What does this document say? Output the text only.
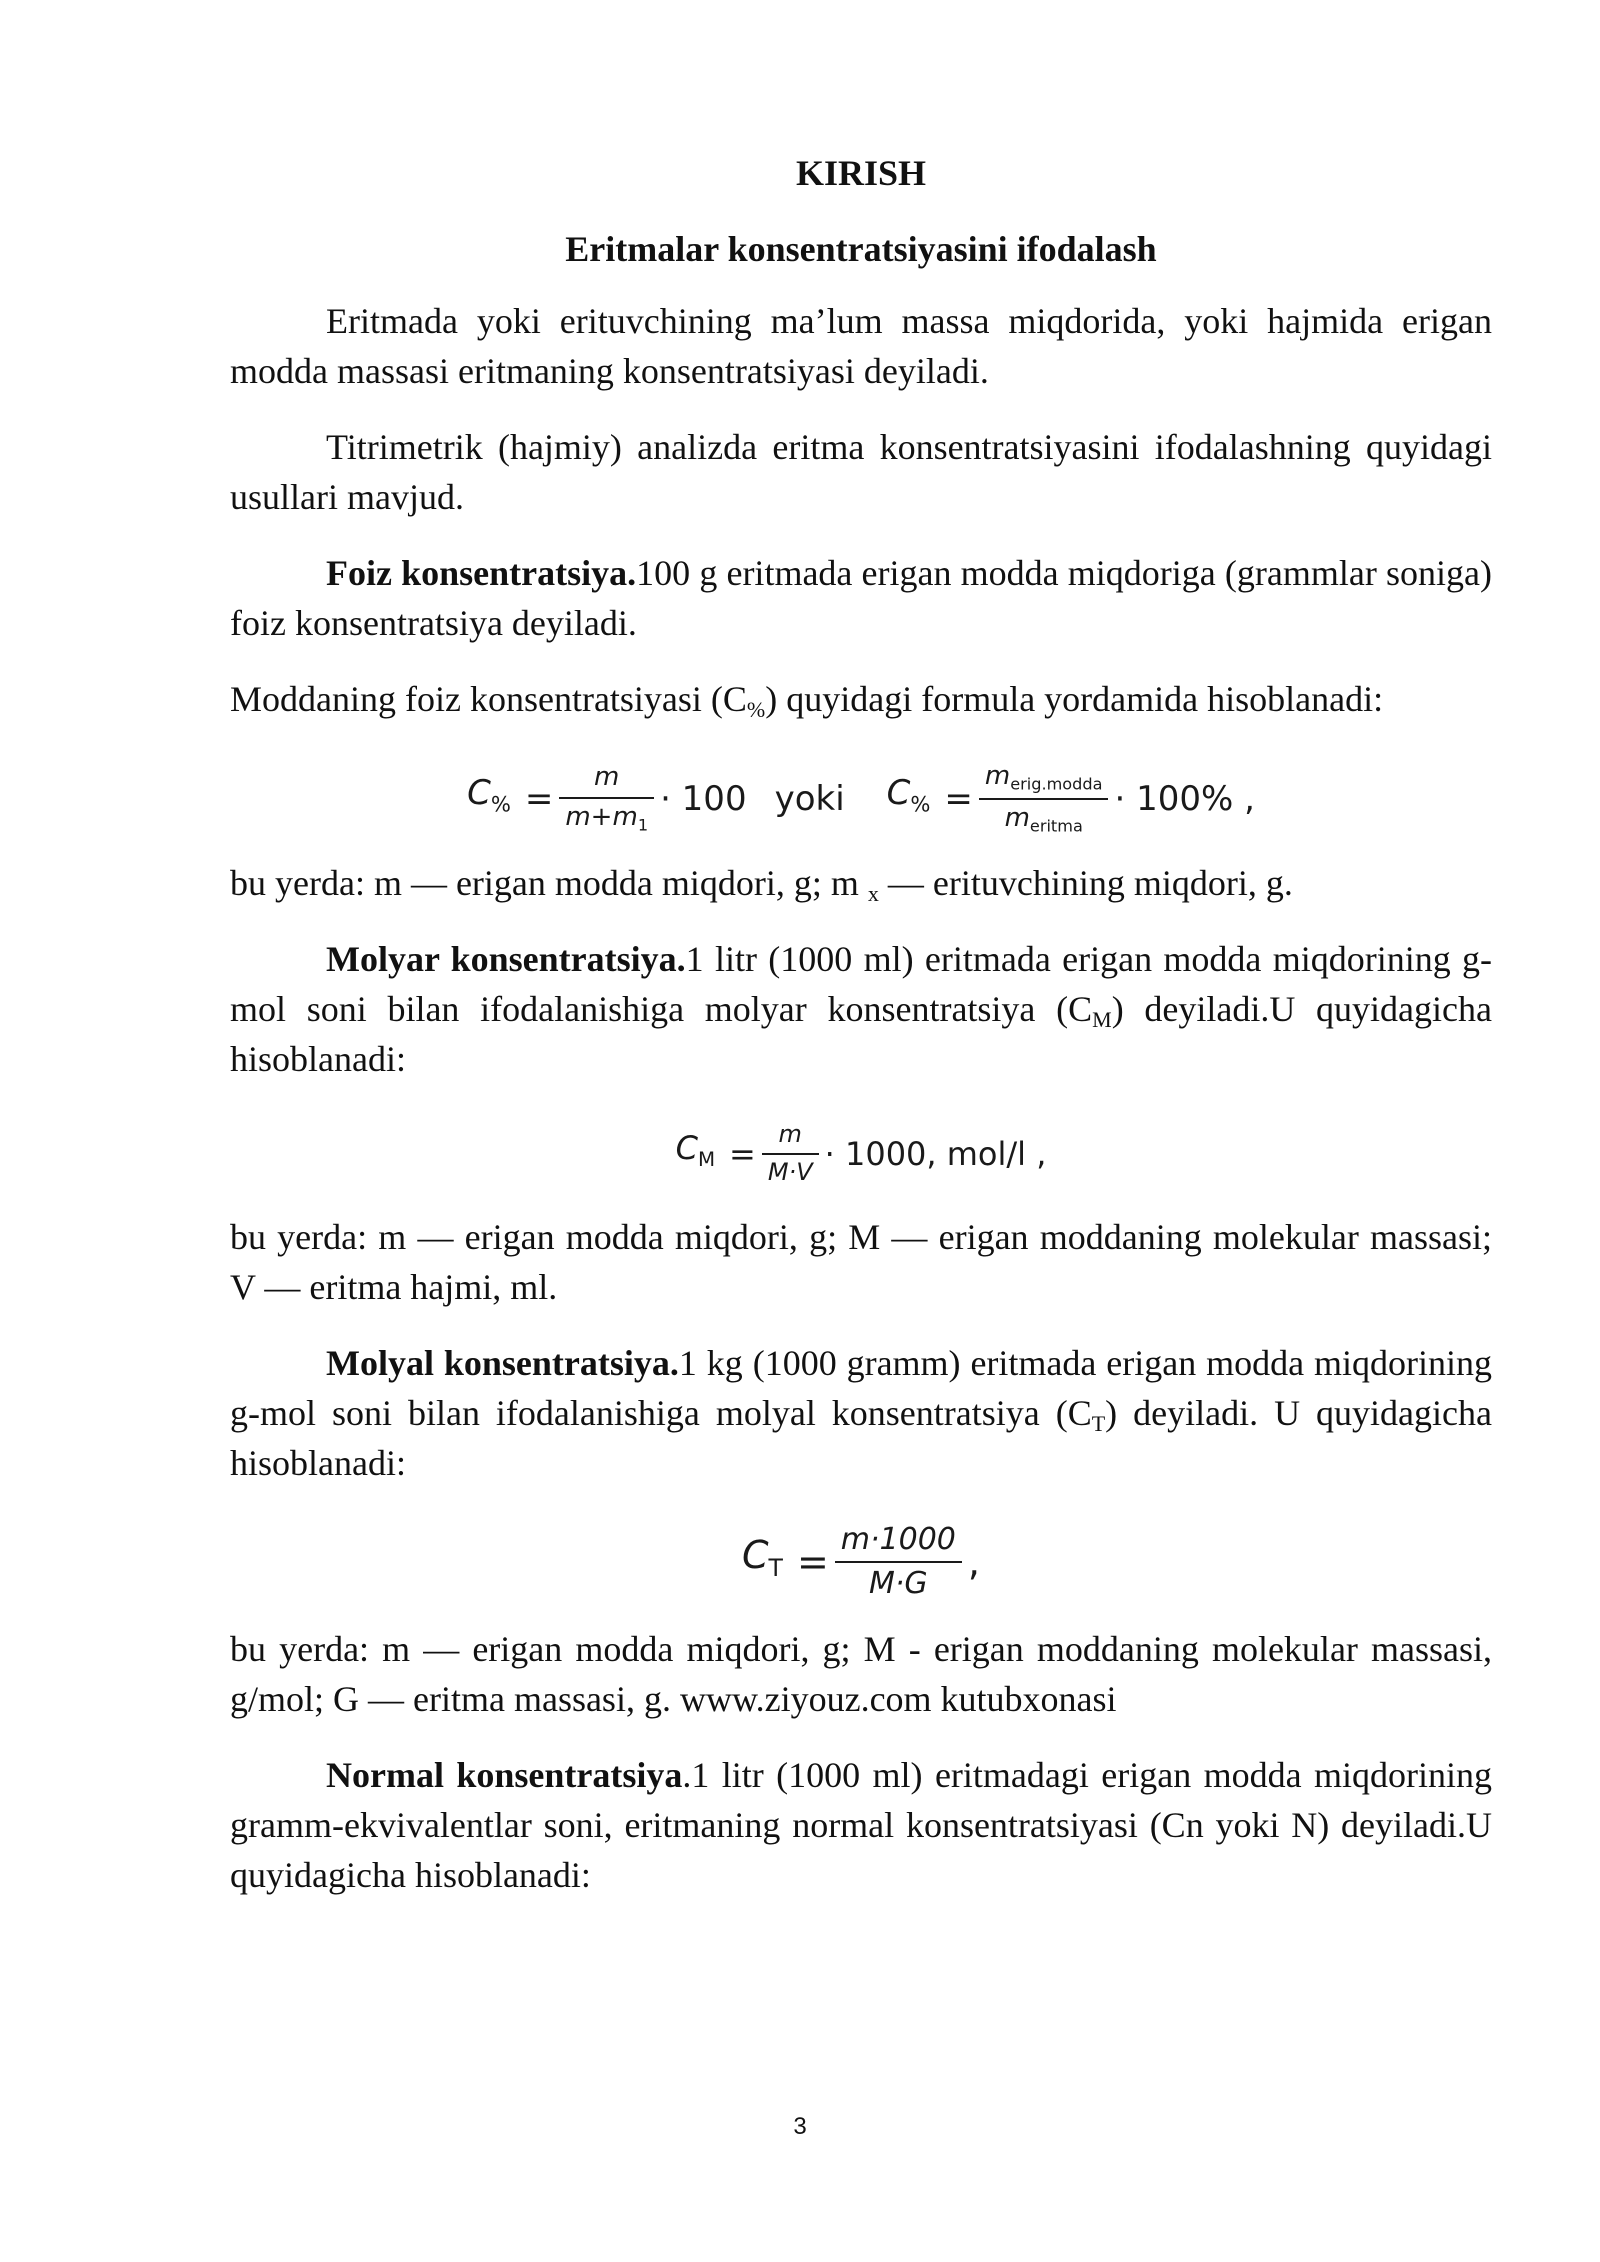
KIRISH
Eritmalar konsentratsiyasini ifodalash

Eritmada yoki erituvchining ma’lum massa miqdorida, yoki hajmida erigan modda massasi eritmaning konsentratsiyasi deyiladi.

Titrimetrik (hajmiy) analizda eritma konsentratsiyasini ifodalashning quyidagi usullari mavjud.

Foiz konsentratsiya.100 g eritmada erigan modda miqdoriga (grammlar soniga) foiz konsentratsiya deyiladi.

Moddaning foiz konsentratsiyasi $(C_{\%})$ quyidagi formula yordamida hisoblanadi:

$C_{\%} = \frac{m}{m+m_1} \cdot 100$ yoki $C_{\%} = \frac{m_{erig.modda}}{m_{eritma}} \cdot 100\%$ ,

bu yerda: m — erigan modda miqdori, g; m $_x$ — erituvchining miqdori, g.

Molyar konsentratsiya.1 litr (1000 ml) eritmada erigan modda miqdorining g-mol soni bilan ifodalanishiga molyar konsentratsiya $(C_M)$ deyiladi.U quyidagicha hisoblanadi:

$C_M = \frac{m}{M\cdot V} \cdot 1000$, mol/l ,

bu yerda: m — erigan modda miqdori, g; M — erigan moddaning molekular massasi; V — eritma hajmi, ml.

Molyal konsentratsiya.1 kg (1000 gramm) eritmada erigan modda miqdorining g-mol soni bilan ifodalanishiga molyal konsentratsiya $(C_T)$ deyiladi. U quyidagicha hisoblanadi:

$C_T = \frac{m\cdot 1000}{M\cdot G}$ ,

bu yerda: m — erigan modda miqdori, g; M - erigan moddaning molekular massasi, g/mol; G — eritma massasi, g. www.ziyouz.com kutubxonasi

Normal konsentratsiya.1 litr (1000 ml) eritmadagi erigan modda miqdorining gramm-ekvivalentlar soni, eritmaning normal konsentratsiyasi (Cn yoki N) deyiladi.U quyidagicha hisoblanadi:

3
